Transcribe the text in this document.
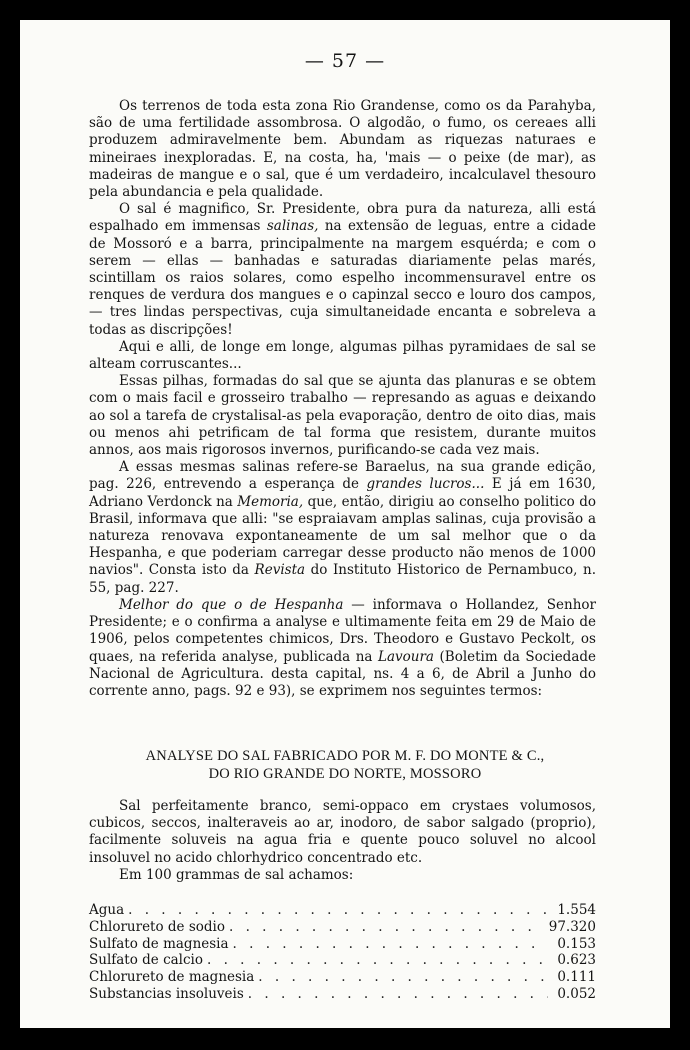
— 57 —

Os terrenos de toda esta zona Rio Grandense, como os da Parahyba, são de uma fertilidade assombrosa. O algodão, o fumo, os cereaes alli produzem admiravelmente bem. Abundam as riquezas naturaes e mineiraes inexploradas. E, na costa, ha, 'mais — o peixe (de mar), as madeiras de mangue e o sal, que é um verdadeiro, incalculavel thesouro pela abundancia e pela qualidade.

O sal é magnifico, Sr. Presidente, obra pura da natureza, alli está espalhado em immensas salinas, na extensão de leguas, entre a cidade de Mossoró e a barra, principalmente na margem esquérda; e com o serem — ellas — banhadas e saturadas diariamente pelas marés, scintillam os raios solares, como espelho incommensuravel entre os renques de verdura dos mangues e o capinzal secco e louro dos campos, — tres lindas perspectivas, cuja simultaneidade encanta e sobreleva a todas as discripções!

Aqui e alli, de longe em longe, algumas pilhas pyramidaes de sal se alteam corruscantes...

Essas pilhas, formadas do sal que se ajunta das planuras e se obtem com o mais facil e grosseiro trabalho — represando as aguas e deixando ao sol a tarefa de crystalisal-as pela evaporação, dentro de oito dias, mais ou menos ahi petrificam de tal forma que resistem, durante muitos annos, aos mais rigorosos invernos, purificando-se cada vez mais.

A essas mesmas salinas refere-se Baraelus, na sua grande edição, pag. 226, entrevendo a esperança de grandes lucros... E já em 1630, Adriano Verdonck na Memoria, que, então, dirigiu ao conselho politico do Brasil, informava que alli: "se espraiavam amplas salinas, cuja provisão a natureza renovava expontaneamente de um sal melhor que o da Hespanha, e que poderiam carregar desse producto não menos de 1000 navios". Consta isto da Revista do Instituto Historico de Pernambuco, n. 55, pag. 227.

Melhor do que o de Hespanha — informava o Hollandez, Senhor Presidente; e o confirma a analyse e ultimamente feita em 29 de Maio de 1906, pelos competentes chimicos, Drs. Theodoro e Gustavo Peckolt, os quaes, na referida analyse, publicada na Lavoura (Boletim da Sociedade Nacional de Agricultura. desta capital, ns. 4 a 6, de Abril a Junho do corrente anno, pags. 92 e 93), se exprimem nos seguintes termos:

ANALYSE DO SAL FABRICADO POR M. F. DO MONTE & C.,
DO RIO GRANDE DO NORTE, MOSSORO

Sal perfeitamente branco, semi-oppaco em crystaes volumosos, cubicos, seccos, inalteraveis ao ar, inodoro, de sabor salgado (proprio), facilmente soluveis na agua fria e quente pouco soluvel no alcool insoluvel no acido chlorhydrico concentrado etc.

Em 100 grammas de sal achamos:

Agua . . .	1.554
Chlorureto de sodio . . .	97.320
Sulfato de magnesia . . .	0.153
Sulfato de calcio . . .	0.623
Chlorureto de magnesia . . .	0.111
Substancias insoluveis . . .	0.052
